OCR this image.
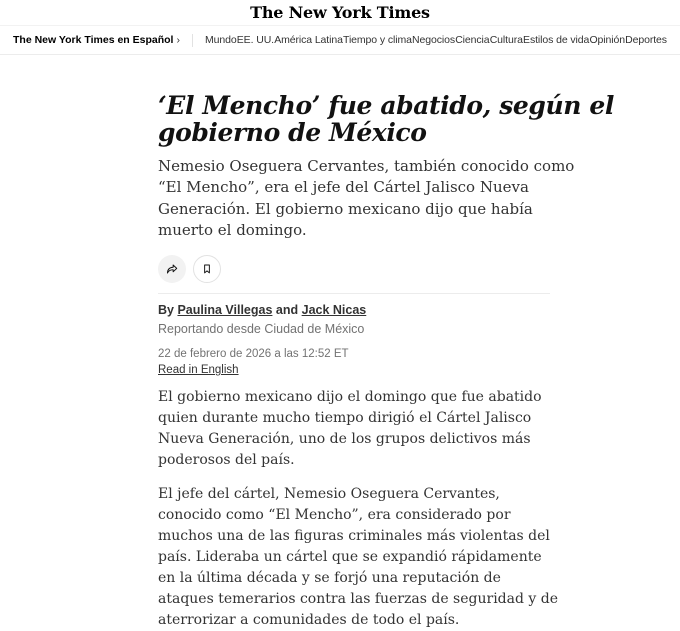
The New York Times
The New York Times en Español › Mundo EE. UU. América Latina Tiempo y clima Negocios Ciencia Cultura Estilos de vida Opinión Deportes
‘El Mencho’ fue abatido, según el gobierno de México

Nemesio Oseguera Cervantes, también conocido como “El Mencho”, era el jefe del Cártel Jalisco Nueva Generación. El gobierno mexicano dijo que había muerto el domingo.

By Paulina Villegas and Jack Nicas
Reportando desde Ciudad de México
22 de febrero de 2026 a las 12:52 ET
Read in English

El gobierno mexicano dijo el domingo que fue abatido quien durante mucho tiempo dirigió el Cártel Jalisco Nueva Generación, uno de los grupos delictivos más poderosos del país.

El jefe del cártel, Nemesio Oseguera Cervantes, conocido como “El Mencho”, era considerado por muchos una de las figuras criminales más violentas del país. Lideraba un cártel que se expandió rápidamente en la última década y se forjó una reputación de ataques temerarios contra las fuerzas de seguridad y de aterrorizar a comunidades de todo el país.
